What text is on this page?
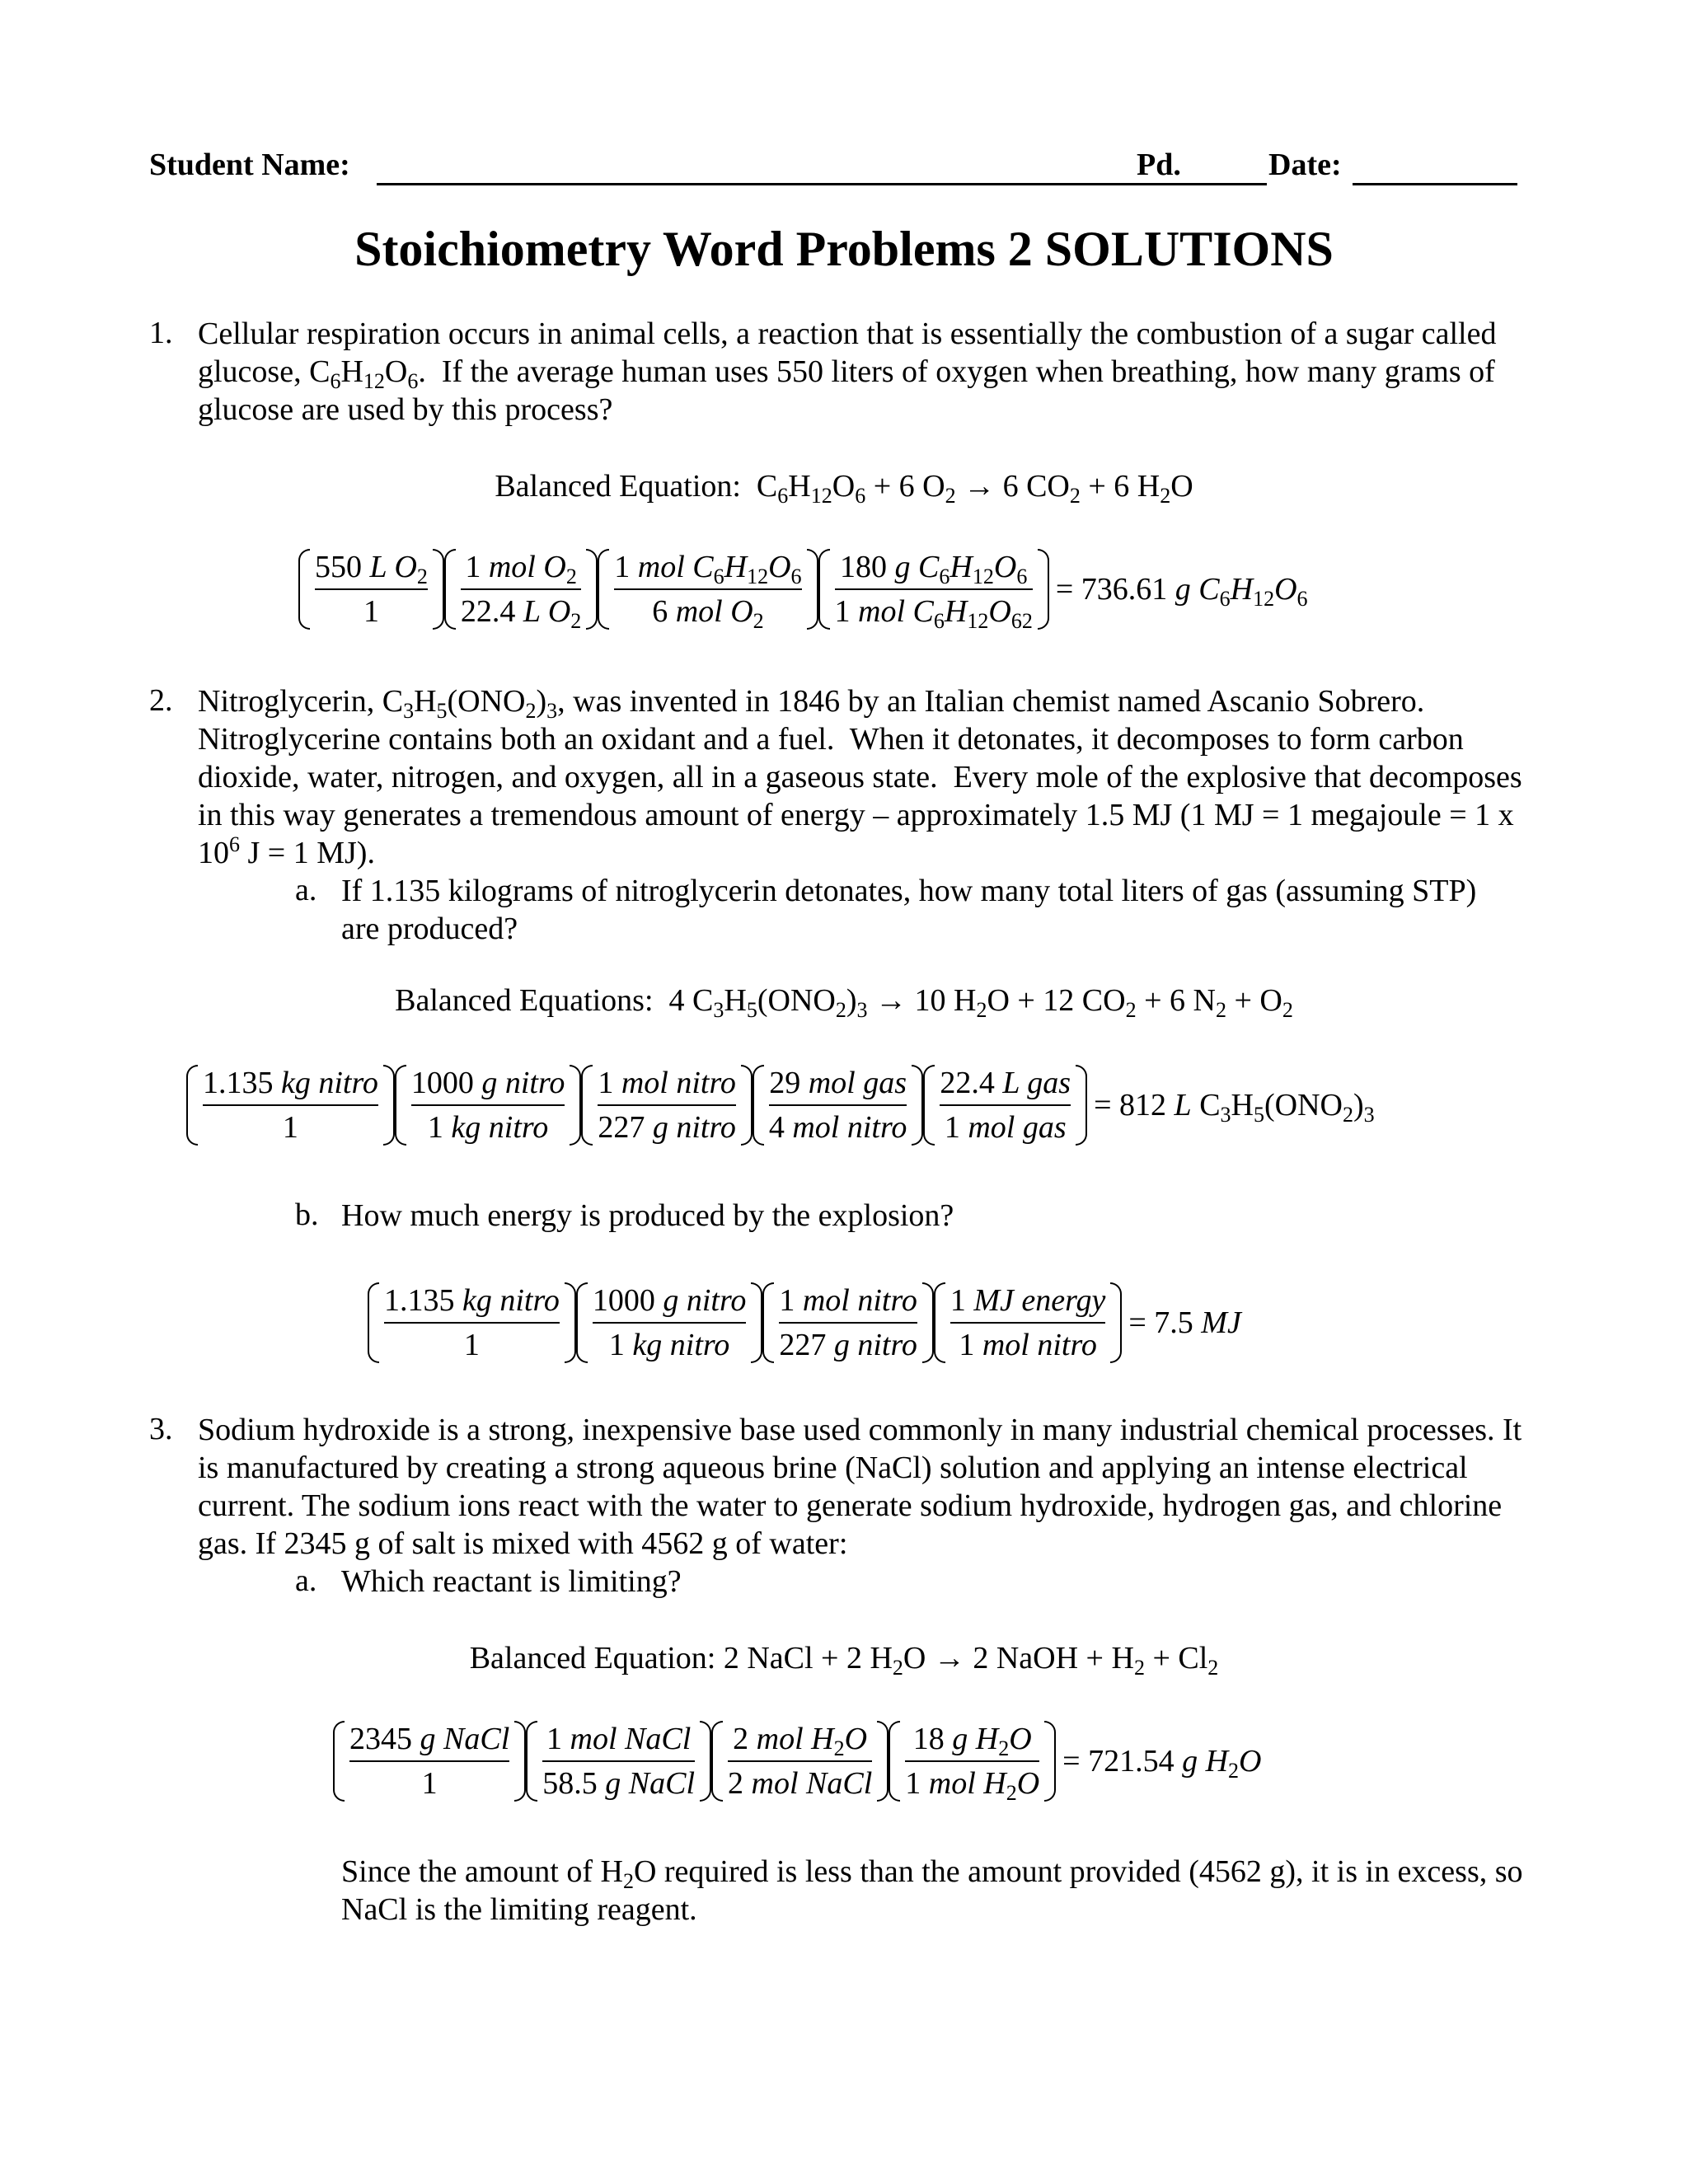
Student Name:	Pd.	Date:
Stoichiometry Word Problems 2 SOLUTIONS
1. Cellular respiration occurs in animal cells, a reaction that is essentially the combustion of a sugar called glucose, $C_6H_{12}O_6$.  If the average human uses 550 liters of oxygen when breathing, how many grams of glucose are used by this process?
Balanced Equation:  $C_6H_{12}O_6 + 6$ $O_2 \to 6$ $CO_2 + 6$ $H_2O$
550 L $O_2$
1
1 mol $O_2$
22.4 L $O_2$
1 mol $C_6H_{12}O_6$
6 mol $O_2$
180 g $C_6H_{12}O_6$
1 mol $C_6H_{12}O_{62}$
= 736.61 g $C_6H_{12}O_6$
2. Nitroglycerin, $C_3H_5(ONO_2)_3$, was invented in 1846 by an Italian chemist named Ascanio Sobrero.  Nitroglycerine contains both an oxidant and a fuel.  When it detonates, it decomposes to form carbon dioxide, water, nitrogen, and oxygen, all in a gaseous state.  Every mole of the explosive that decomposes in this way generates a tremendous amount of energy – approximately 1.5 MJ (1 MJ = 1 megajoule = 1 x $10^6$ J = 1 MJ).
a. If 1.135 kilograms of nitroglycerin detonates, how many total liters of gas (assuming STP) are produced?
Balanced Equations:  4 $C_3H_5(ONO_2)_3 \to 10$ $H_2O + 12$ $CO_2 + 6$ $N_2 + O_2$
1.135 kg nitro
1
1000 g nitro
1 kg nitro
1 mol nitro
227 g nitro
29 mol gas
4 mol nitro
22.4 L gas
1 mol gas
= 812 L $C_3H_5(ONO_2)_3$
b. How much energy is produced by the explosion?
1.135 kg nitro
1
1000 g nitro
1 kg nitro
1 mol nitro
227 g nitro
1 MJ energy
1 mol nitro
= 7.5 MJ
3. Sodium hydroxide is a strong, inexpensive base used commonly in many industrial chemical processes. It is manufactured by creating a strong aqueous brine (NaCl) solution and applying an intense electrical current. The sodium ions react with the water to generate sodium hydroxide, hydrogen gas, and chlorine gas. If 2345 g of salt is mixed with 4562 g of water:
a. Which reactant is limiting?
Balanced Equation: 2 NaCl + 2 $H_2O \to 2$ NaOH + $H_2 + Cl_2$
2345 g NaCl
1
1 mol NaCl
58.5 g NaCl
2 mol $H_2O$
2 mol NaCl
18 g $H_2O$
1 mol $H_2O$
= 721.54 g $H_2O$
Since the amount of $H_2O$ required is less than the amount provided (4562 g), it is in excess, so NaCl is the limiting reagent.
